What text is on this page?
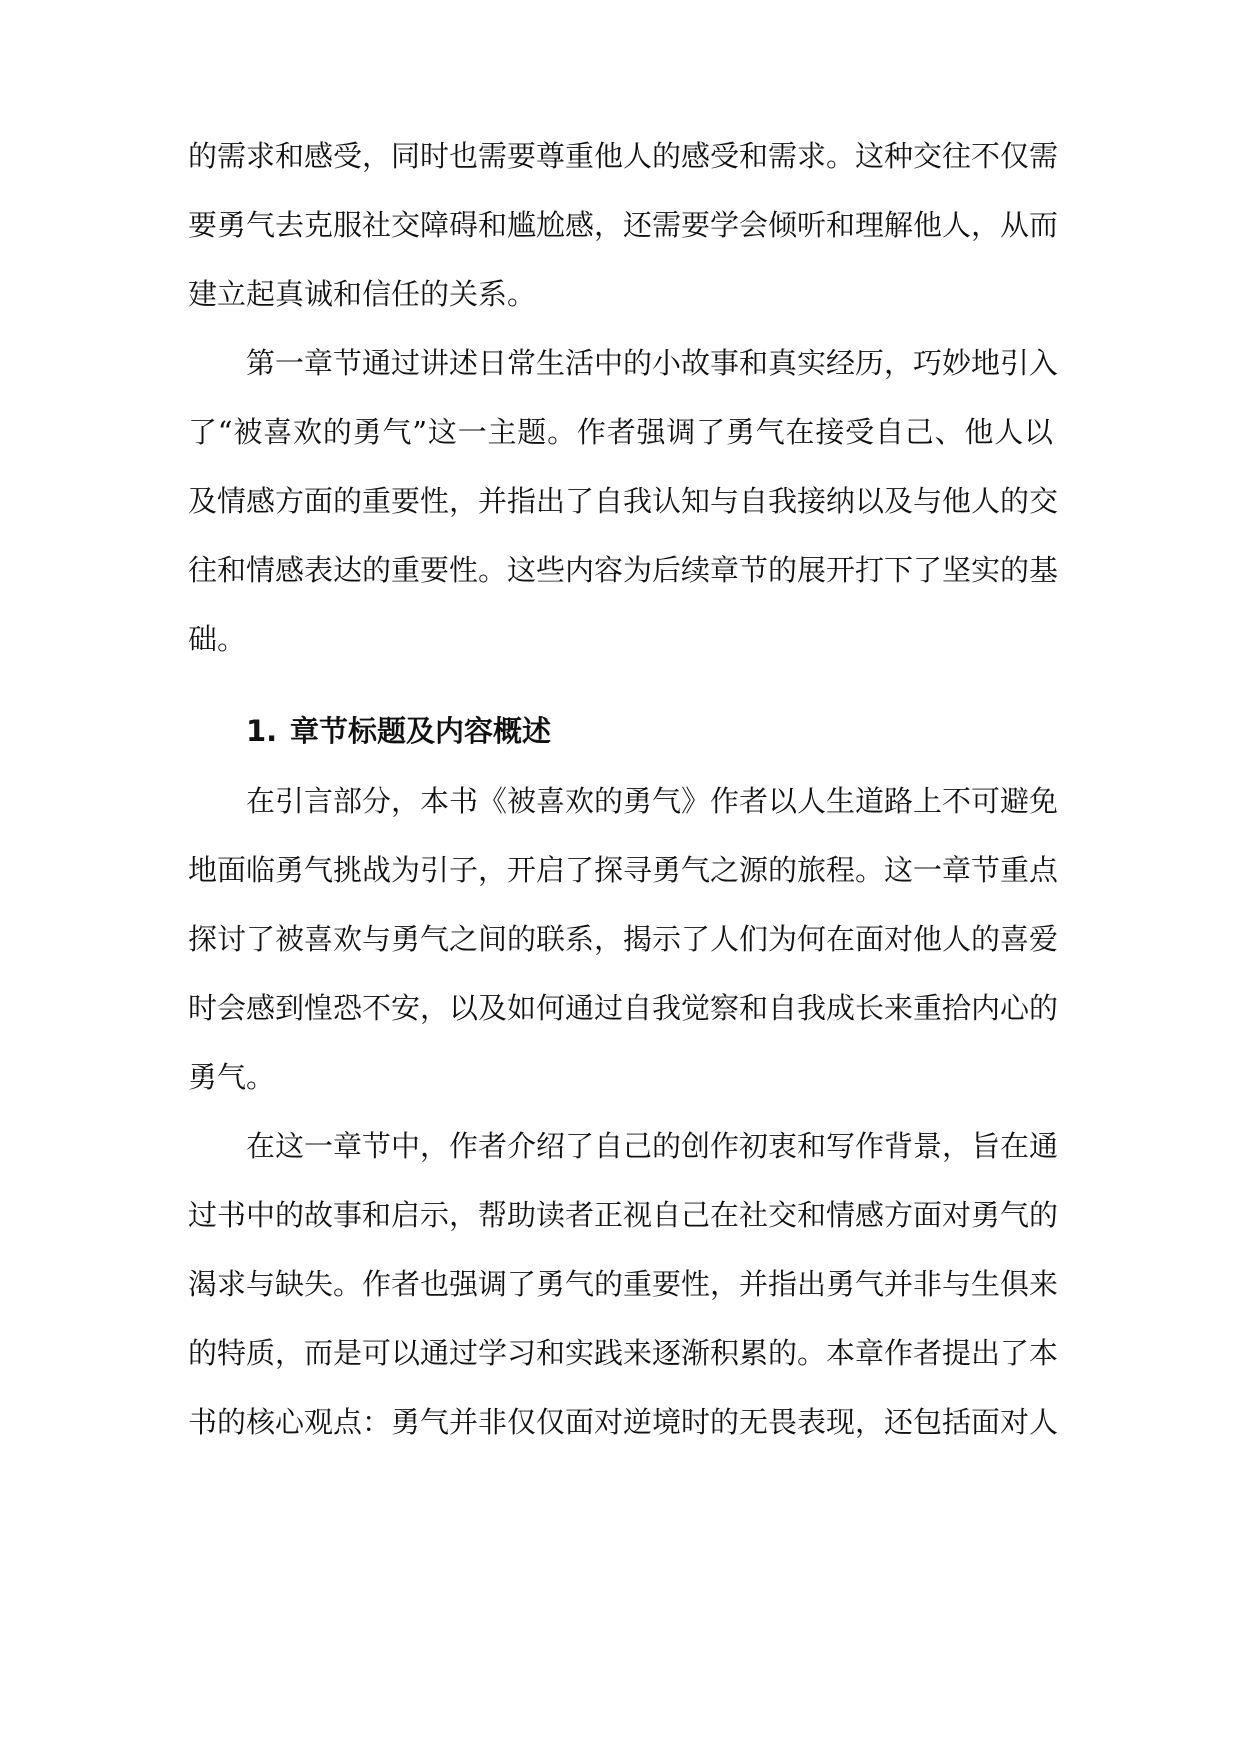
的需求和感受，同时也需要尊重他人的感受和需求。这种交往不仅需
要勇气去克服社交障碍和尴尬感，还需要学会倾听和理解他人，从而
建立起真诚和信任的关系。
第一章节通过讲述日常生活中的小故事和真实经历，巧妙地引入
了“被喜欢的勇气”这一主题。作者强调了勇气在接受自己、他人以
及情感方面的重要性，并指出了自我认知与自我接纳以及与他人的交
往和情感表达的重要性。这些内容为后续章节的展开打下了坚实的基
础。
1. 章节标题及内容概述
在引言部分，本书《被喜欢的勇气》作者以人生道路上不可避免
地面临勇气挑战为引子，开启了探寻勇气之源的旅程。这一章节重点
探讨了被喜欢与勇气之间的联系，揭示了人们为何在面对他人的喜爱
时会感到惶恐不安，以及如何通过自我觉察和自我成长来重拾内心的
勇气。
在这一章节中，作者介绍了自己的创作初衷和写作背景，旨在通
过书中的故事和启示，帮助读者正视自己在社交和情感方面对勇气的
渴求与缺失。作者也强调了勇气的重要性，并指出勇气并非与生俱来
的特质，而是可以通过学习和实践来逐渐积累的。本章作者提出了本
书的核心观点：勇气并非仅仅面对逆境时的无畏表现，还包括面对人
